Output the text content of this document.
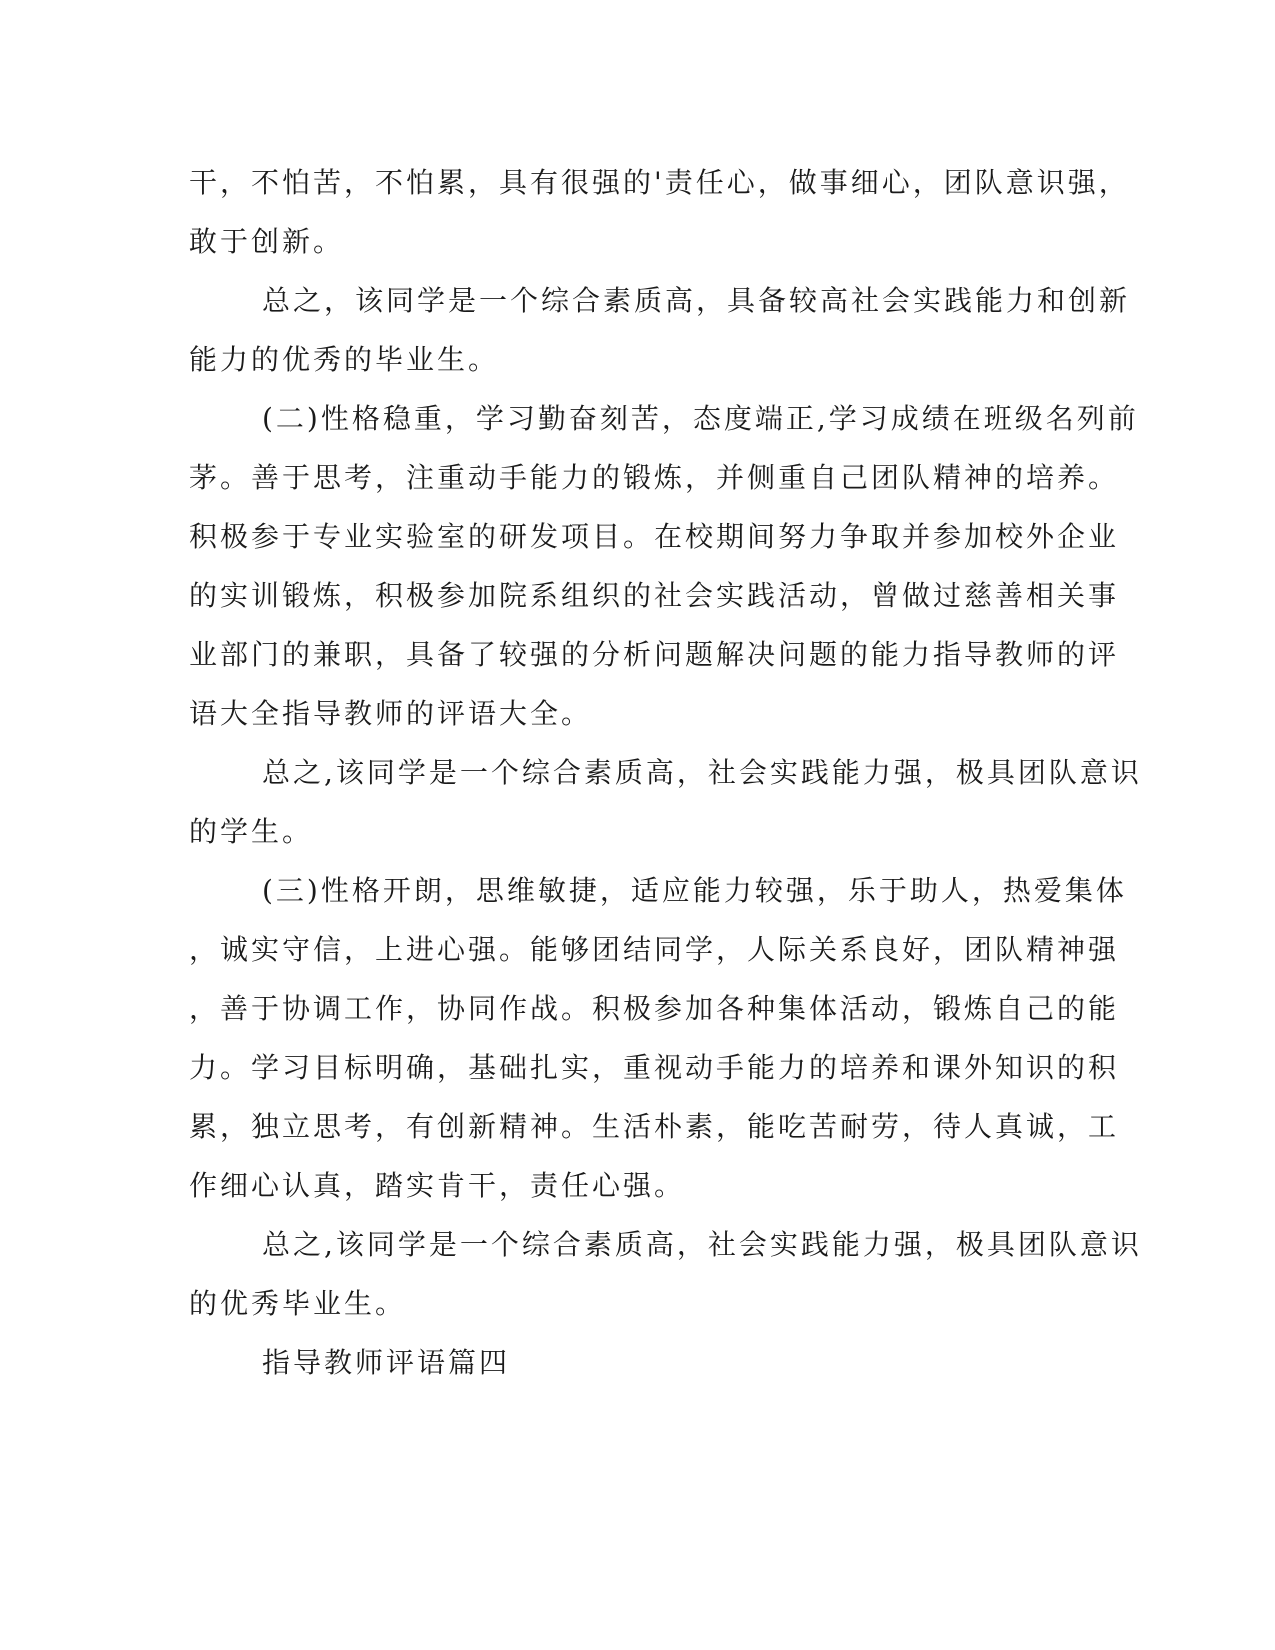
干，不怕苦，不怕累，具有很强的'责任心，做事细心，团队意识强，
敢于创新。
总之，该同学是一个综合素质高，具备较高社会实践能力和创新
能力的优秀的毕业生。
(二)性格稳重，学习勤奋刻苦，态度端正,学习成绩在班级名列前
茅。善于思考，注重动手能力的锻炼，并侧重自己团队精神的培养。
积极参于专业实验室的研发项目。在校期间努力争取并参加校外企业
的实训锻炼，积极参加院系组织的社会实践活动，曾做过慈善相关事
业部门的兼职，具备了较强的分析问题解决问题的能力指导教师的评
语大全指导教师的评语大全。
总之,该同学是一个综合素质高，社会实践能力强，极具团队意识
的学生。
(三)性格开朗，思维敏捷，适应能力较强，乐于助人，热爱集体
，诚实守信，上进心强。能够团结同学，人际关系良好，团队精神强
，善于协调工作，协同作战。积极参加各种集体活动，锻炼自己的能
力。学习目标明确，基础扎实，重视动手能力的培养和课外知识的积
累，独立思考，有创新精神。生活朴素，能吃苦耐劳，待人真诚，工
作细心认真，踏实肯干，责任心强。
总之,该同学是一个综合素质高，社会实践能力强，极具团队意识
的优秀毕业生。
指导教师评语篇四
